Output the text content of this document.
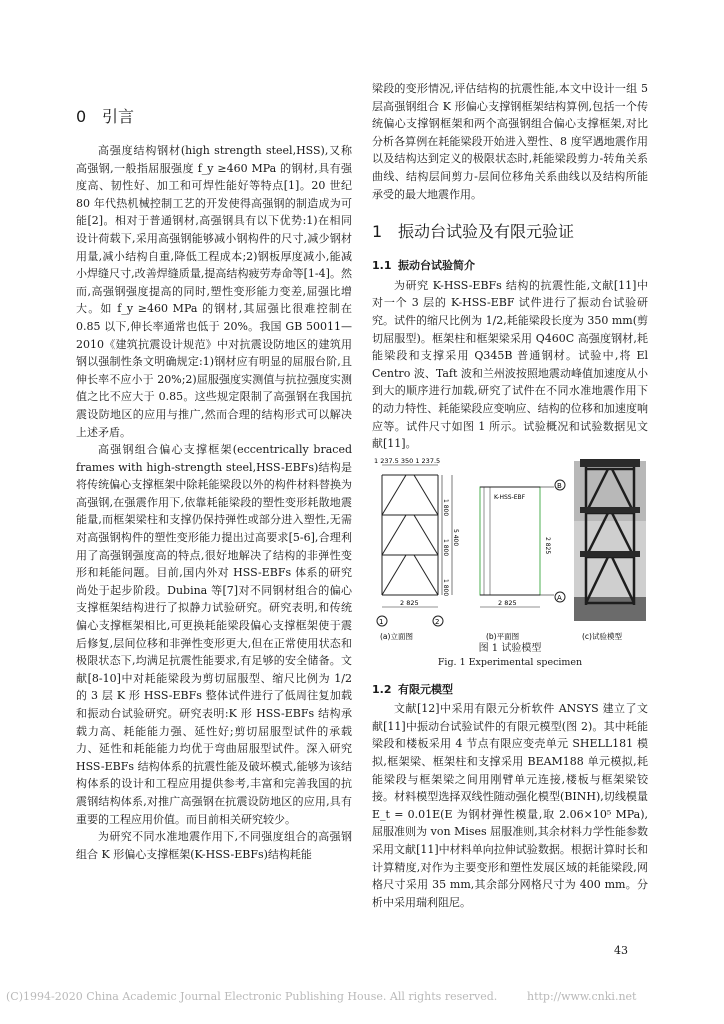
0 引言

高强度结构钢材(high strength steel,HSS),又称高强钢,一般指屈服强度 f_y ≥460 MPa 的钢材,具有强度高、韧性好、加工和可焊性能好等特点[1]。20 世纪80 年代热机械控制工艺的开发使得高强钢的制造成为可能[2]。相对于普通钢材,高强钢具有以下优势:1)在相同设计荷载下,采用高强钢能够减小钢构件的尺寸,减少钢材用量,减小结构自重,降低工程成本;2)钢板厚度减小,能减小焊缝尺寸,改善焊缝质量,提高结构疲劳寿命等[1-4]。然而,高强钢强度提高的同时,塑性变形能力变差,屈强比增大。如 f_y ≥460 MPa 的钢材,其屈强比很难控制在 0.85 以下,伸长率通常也低于 20%。我国 GB 50011—2010《建筑抗震设计规范》中对抗震设防地区的建筑用钢以强制性条文明确规定:1)钢材应有明显的屈服台阶,且伸长率不应小于 20%;2)屈服强度实测值与抗拉强度实测值之比不应大于 0.85。这些规定限制了高强钢在我国抗震设防地区的应用与推广,然而合理的结构形式可以解决上述矛盾。

高强钢组合偏心支撑框架(eccentrically braced frames with high-strength steel,HSS-EBFs)结构是将传统偏心支撑框架中除耗能梁段以外的构件材料替换为高强钢,在强震作用下,依靠耗能梁段的塑性变形耗散地震能量,而框架梁柱和支撑仍保持弹性或部分进入塑性,无需对高强钢构件的塑性变形能力提出过高要求[5-6],合理利用了高强钢强度高的特点,很好地解决了结构的非弹性变形和耗能问题。目前,国内外对 HSS-EBFs 体系的研究尚处于起步阶段。Dubina 等[7]对不同钢材组合的偏心支撑框架结构进行了拟静力试验研究。研究表明,和传统偏心支撑框架相比,可更换耗能梁段偏心支撑框架使于震后修复,层间位移和非弹性变形更大,但在正常使用状态和极限状态下,均满足抗震性能要求,有足够的安全储备。文献[8-10]中对耗能梁段为剪切屈服型、缩尺比例为 1/2 的 3 层 K 形 HSS-EBFs 整体试件进行了低周往复加载和振动台试验研究。研究表明:K 形 HSS-EBFs 结构承载力高、耗能能力强、延性好;剪切屈服型试件的承载力、延性和耗能能力均优于弯曲屈服型试件。深入研究 HSS-EBFs 结构体系的抗震性能及破坏模式,能够为该结构体系的设计和工程应用提供参考,丰富和完善我国的抗震钢结构体系,对推广高强钢在抗震设防地区的应用,具有重要的工程应用价值。而目前相关研究较少。

为研究不同水准地震作用下,不同强度组合的高强钢组合 K 形偏心支撑框架(K-HSS-EBFs)结构耗能

梁段的变形情况,评估结构的抗震性能,本文中设计一组 5 层高强钢组合 K 形偏心支撑钢框架结构算例,包括一个传统偏心支撑钢框架和两个高强钢组合偏心支撑框架,对比分析各算例在耗能梁段开始进入塑性、8 度罕遇地震作用以及结构达到定义的极限状态时,耗能梁段剪力-转角关系曲线、结构层间剪力-层间位移角关系曲线以及结构所能承受的最大地震作用。

1 振动台试验及有限元验证
1.1 振动台试验简介

为研究 K-HSS-EBFs 结构的抗震性能,文献[11]中对一个 3 层的 K-HSS-EBF 试件进行了振动台试验研究。试件的缩尺比例为 1/2,耗能梁段长度为 350 mm(剪切屈服型)。框架柱和框架梁采用 Q460C 高强度钢材,耗能梁段和支撑采用 Q345B 普通钢材。试验中,将 El Centro 波、Taft 波和兰州波按照地震动峰值加速度从小到大的顺序进行加载,研究了试件在不同水准地震作用下的动力特性、耗能梁段应变响应、结构的位移和加速度响应等。试件尺寸如图 1 所示。试验概况和试验数据见文献[11]。

1 237.5 350 1 237.5
1 800
1 800
1 800
5 400
2 825
1	2
(a)立面图
K-HSS-EBF
2 825
2 825
B
A
(b)平面图	(c)试验模型
图 1 试验模型
Fig. 1 Experimental specimen
1.2 有限元模型

文献[12]中采用有限元分析软件 ANSYS 建立了文献[11]中振动台试验试件的有限元模型(图 2)。其中耗能梁段和楼板采用 4 节点有限应变壳单元 SHELL181 模拟,框架梁、框架柱和支撑采用 BEAM188 单元模拟,耗能梁段与框架梁之间用刚臂单元连接,楼板与框架梁铰接。材料模型选择双线性随动强化模型(BINH),切线模量 E_t = 0.01E(E 为钢材弹性模量,取 2.06×10⁵ MPa),屈服准则为 von Mises 屈服准则,其余材料力学性能参数采用文献[11]中材料单向拉伸试验数据。根据计算时长和计算精度,对作为主要变形和塑性发展区域的耗能梁段,网格尺寸采用 35 mm,其余部分网格尺寸为 400 mm。分析中采用瑞利阻尼。

43
(C)1994-2020 China Academic Journal Electronic Publishing House. All rights reserved.	http://www.cnki.net
